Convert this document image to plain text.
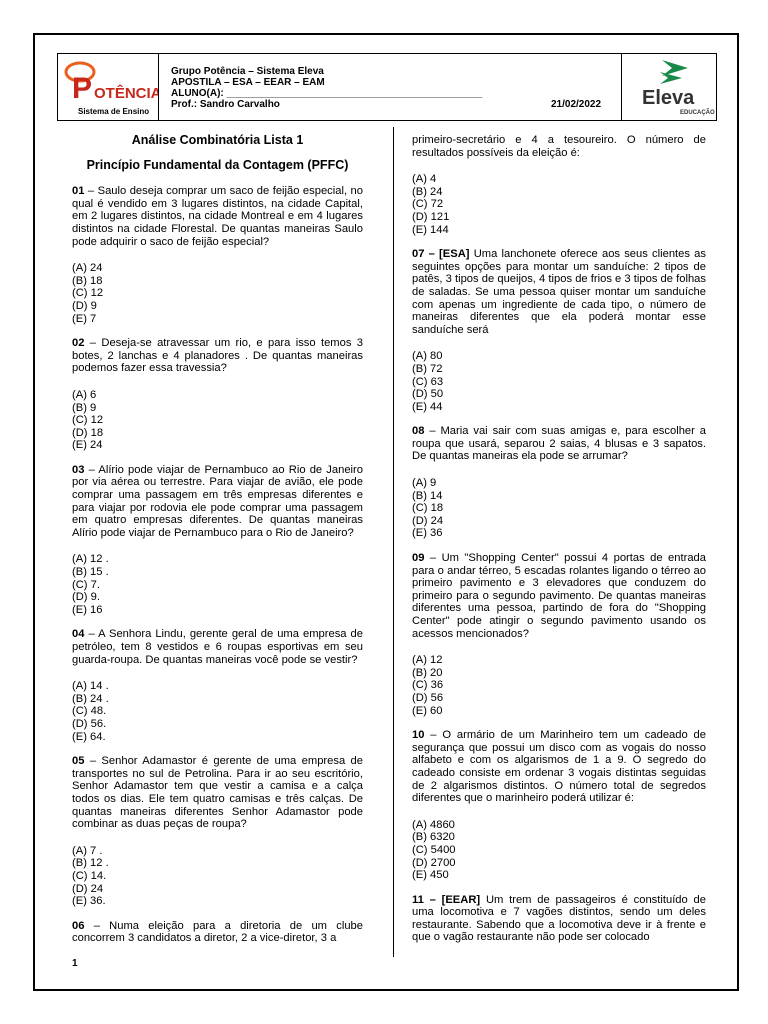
P OTÊNCIA
Sistema de Ensino
Grupo Potência – Sistema Eleva
APOSTILA – ESA – EEAR – EAM
ALUNO(A): ______________________________________________
Prof.: Sandro Carvalho	21/02/2022 Eleva
EDUCAÇÃO
Análise Combinatória Lista 1
Princípio Fundamental da Contagem (PFFC)

01 – Saulo deseja comprar um saco de feijão especial, no qual é vendido em 3 lugares distintos, na cidade Capital, em 2 lugares distintos, na cidade Montreal e em 4 lugares distintos na cidade Florestal. De quantas maneiras Saulo pode adquirir o saco de feijão especial?

(A) 24
(B) 18
(C) 12
(D) 9
(E) 7

02 – Deseja-se atravessar um rio, e para isso temos 3 botes, 2 lanchas e 4 planadores . De quantas maneiras podemos fazer essa travessia?

(A) 6
(B) 9
(C) 12
(D) 18
(E) 24

03 – Alírio pode viajar de Pernambuco ao Rio de Janeiro por via aérea ou terrestre. Para viajar de avião, ele pode comprar uma passagem em três empresas diferentes e para viajar por rodovia ele pode comprar uma passagem em quatro empresas diferentes. De quantas maneiras Alírio pode viajar de Pernambuco para o Rio de Janeiro?

(A) 12 .
(B) 15 .
(C) 7.
(D) 9.
(E) 16

04 – A Senhora Lindu, gerente geral de uma empresa de petróleo, tem 8 vestidos e 6 roupas esportivas em seu guarda-roupa. De quantas maneiras você pode se vestir?

(A) 14 .
(B) 24 .
(C) 48.
(D) 56.
(E) 64.

05 – Senhor Adamastor é gerente de uma empresa de transportes no sul de Petrolina. Para ir ao seu escritório, Senhor Adamastor tem que vestir a camisa e a calça todos os dias. Ele tem quatro camisas e três calças. De quantas maneiras diferentes Senhor Adamastor pode combinar as duas peças de roupa?

(A) 7 .
(B) 12 .
(C) 14.
(D) 24
(E) 36.

06 – Numa eleição para a diretoria de um clube concorrem 3 candidatos a diretor, 2 a vice-diretor, 3 a

1

primeiro-secretário e 4 a tesoureiro. O número de resultados possíveis da eleição é:

(A) 4
(B) 24
(C) 72
(D) 121
(E) 144

07 – [ESA] Uma lanchonete oferece aos seus clientes as seguintes opções para montar um sanduíche: 2 tipos de patês, 3 tipos de queijos, 4 tipos de frios e 3 tipos de folhas de saladas. Se uma pessoa quiser montar um sanduíche com apenas um ingrediente de cada tipo, o número de maneiras diferentes que ela poderá montar esse sanduíche será

(A) 80
(B) 72
(C) 63
(D) 50
(E) 44

08 – Maria vai sair com suas amigas e, para escolher a roupa que usará, separou 2 saias, 4 blusas e 3 sapatos. De quantas maneiras ela pode se arrumar?

(A) 9
(B) 14
(C) 18
(D) 24
(E) 36

09 – Um "Shopping Center" possui 4 portas de entrada para o andar térreo, 5 escadas rolantes ligando o térreo ao primeiro pavimento e 3 elevadores que conduzem do primeiro para o segundo pavimento. De quantas maneiras diferentes uma pessoa, partindo de fora do "Shopping Center" pode atingir o segundo pavimento usando os acessos mencionados?

(A) 12
(B) 20
(C) 36
(D) 56
(E) 60

10 – O armário de um Marinheiro tem um cadeado de segurança que possui um disco com as vogais do nosso alfabeto e com os algarismos de 1 a 9. O segredo do cadeado consiste em ordenar 3 vogais distintas seguidas de 2 algarismos distintos. O número total de segredos diferentes que o marinheiro poderá utilizar é:

(A) 4860
(B) 6320
(C) 5400
(D) 2700
(E) 450

11 – [EEAR] Um trem de passageiros é constituído de uma locomotiva e 7 vagões distintos, sendo um deles restaurante. Sabendo que a locomotiva deve ir à frente e que o vagão restaurante não pode ser colocado
